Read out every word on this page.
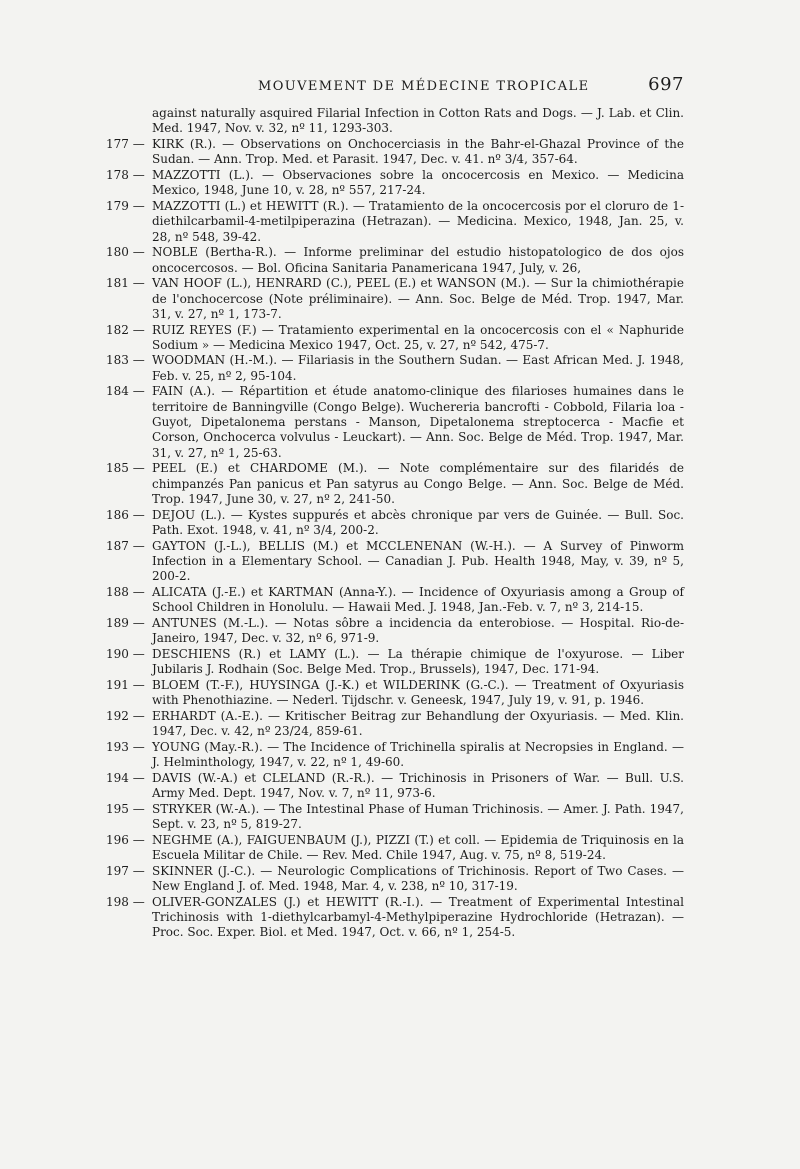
MOUVEMENT DE MÉDECINE TROPICALE	697
against naturally asquired Filarial Infection in Cotton Rats and Dogs. — J. Lab. et Clin. Med. 1947, Nov. v. 32, nº 11, 1293-303.
177 — KIRK (R.). — Observations on Onchocerciasis in the Bahr-el-Ghazal Province of the Sudan. — Ann. Trop. Med. et Parasit. 1947, Dec. v. 41. nº 3/4, 357-64.
178 — MAZZOTTI (L.). — Observaciones sobre la oncocercosis en Mexico. — Medicina Mexico, 1948, June 10, v. 28, nº 557, 217-24.
179 — MAZZOTTI (L.) et HEWITT (R.). — Tratamiento de la oncocercosis por el cloruro de 1-diethilcarbamil-4-metilpiperazina (Hetrazan). — Medicina. Mexico, 1948, Jan. 25, v. 28, nº 548, 39-42.
180 — NOBLE (Bertha-R.). — Informe preliminar del estudio histopatologico de dos ojos oncocercosos. — Bol. Oficina Sanitaria Panamericana 1947, July, v. 26,
181 — VAN HOOF (L.), HENRARD (C.), PEEL (E.) et WANSON (M.). — Sur la chimiothérapie de l'onchocercose (Note préliminaire). — Ann. Soc. Belge de Méd. Trop. 1947, Mar. 31, v. 27, nº 1, 173-7.
182 — RUIZ REYES (F.) — Tratamiento experimental en la oncocercosis con el « Naphuride Sodium » — Medicina Mexico 1947, Oct. 25, v. 27, nº 542, 475-7.
183 — WOODMAN (H.-M.). — Filariasis in the Southern Sudan. — East African Med. J. 1948, Feb. v. 25, nº 2, 95-104.
184 — FAIN (A.). — Répartition et étude anatomo-clinique des filarioses humaines dans le territoire de Banningville (Congo Belge). Wuchereria bancrofti - Cobbold, Filaria loa - Guyot, Dipetalonema perstans - Manson, Dipetalonema streptocerca - Macfie et Corson, Onchocerca volvulus - Leuckart). — Ann. Soc. Belge de Méd. Trop. 1947, Mar. 31, v. 27, nº 1, 25-63.
185 — PEEL (E.) et CHARDOME (M.). — Note complémentaire sur des filaridés de chimpanzés Pan panicus et Pan satyrus au Congo Belge. — Ann. Soc. Belge de Méd. Trop. 1947, June 30, v. 27, nº 2, 241-50.
186 — DEJOU (L.). — Kystes suppurés et abcès chronique par vers de Guinée. — Bull. Soc. Path. Exot. 1948, v. 41, nº 3/4, 200-2.
187 — GAYTON (J.-L.), BELLIS (M.) et MCCLENENAN (W.-H.). — A Survey of Pinworm Infection in a Elementary School. — Canadian J. Pub. Health 1948, May, v. 39, nº 5, 200-2.
188 — ALICATA (J.-E.) et KARTMAN (Anna-Y.). — Incidence of Oxyuriasis among a Group of School Children in Honolulu. — Hawaii Med. J. 1948, Jan.-Feb. v. 7, nº 3, 214-15.
189 — ANTUNES (M.-L.). — Notas sôbre a incidencia da enterobiose. — Hospital. Rio-de-Janeiro, 1947, Dec. v. 32, nº 6, 971-9.
190 — DESCHIENS (R.) et LAMY (L.). — La thérapie chimique de l'oxyurose. — Liber Jubilaris J. Rodhain (Soc. Belge Med. Trop., Brussels), 1947, Dec. 171-94.
191 — BLOEM (T.-F.), HUYSINGA (J.-K.) et WILDERINK (G.-C.). — Treatment of Oxyuriasis with Phenothiazine. — Nederl. Tijdschr. v. Geneesk, 1947, July 19, v. 91, p. 1946.
192 — ERHARDT (A.-E.). — Kritischer Beitrag zur Behandlung der Oxyuriasis. — Med. Klin. 1947, Dec. v. 42, nº 23/24, 859-61.
193 — YOUNG (May.-R.). — The Incidence of Trichinella spiralis at Necropsies in England. — J. Helminthology, 1947, v. 22, nº 1, 49-60.
194 — DAVIS (W.-A.) et CLELAND (R.-R.). — Trichinosis in Prisoners of War. — Bull. U.S. Army Med. Dept. 1947, Nov. v. 7, nº 11, 973-6.
195 — STRYKER (W.-A.). — The Intestinal Phase of Human Trichinosis. — Amer. J. Path. 1947, Sept. v. 23, nº 5, 819-27.
196 — NEGHME (A.), FAIGUENBAUM (J.), PIZZI (T.) et coll. — Epidemia de Triquinosis en la Escuela Militar de Chile. — Rev. Med. Chile 1947, Aug. v. 75, nº 8, 519-24.
197 — SKINNER (J.-C.). — Neurologic Complications of Trichinosis. Report of Two Cases. — New England J. of. Med. 1948, Mar. 4, v. 238, nº 10, 317-19.
198 — OLIVER-GONZALES (J.) et HEWITT (R.-I.). — Treatment of Experimental Intestinal Trichinosis with 1-diethylcarbamyl-4-Methylpiperazine Hydrochloride (Hetrazan). — Proc. Soc. Exper. Biol. et Med. 1947, Oct. v. 66, nº 1, 254-5.
